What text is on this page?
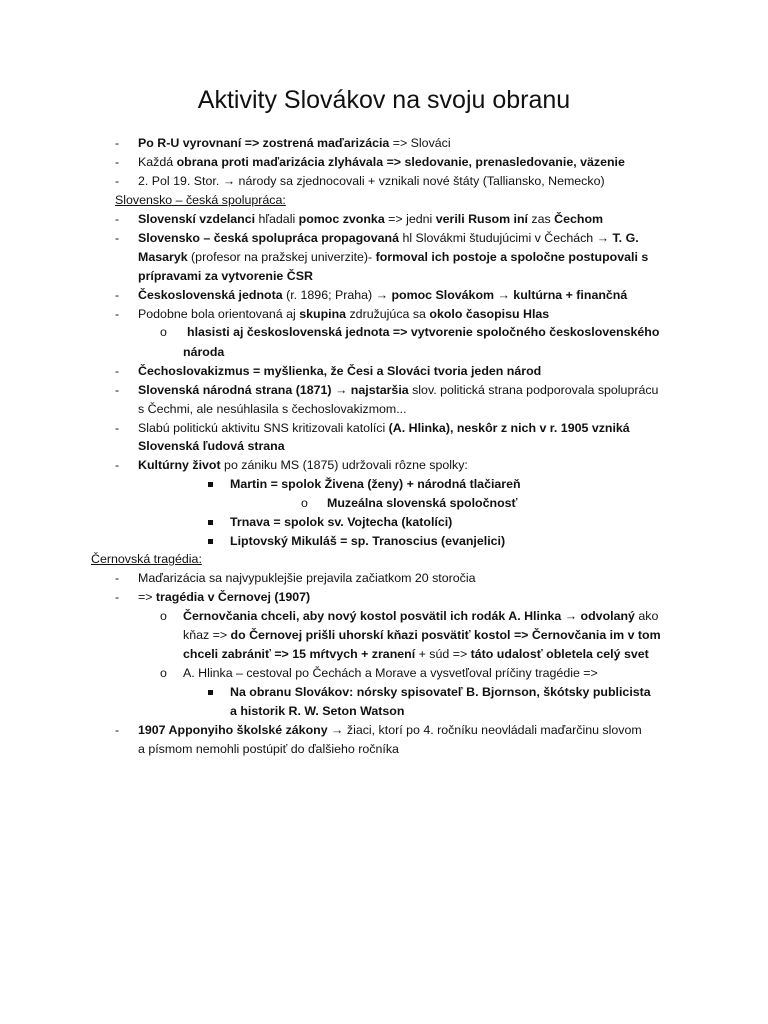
Aktivity Slovákov na svoju obranu
-
-
-
-
-
-
-
o
-
-
-
-
o
-
-
o
o
-
Po R-U vyrovnaní => zostrená maďarizácia => Slováci
Každá obrana proti maďarizácia zlyhávala => sledovanie, prenasledovanie, väzenie
2. Pol 19. Stor. → národy sa zjednocovali + vznikali nové štáty (Talliansko, Nemecko)
Slovensko – česká spolupráca:
Slovenskí vzdelanci hľadali pomoc zvonka => jedni verili Rusom iní zas Čechom
Slovensko – česká spolupráca propagovaná hl Slovákmi študujúcimi v Čechách → T. G.
Masaryk (profesor na pražskej univerzite)- formoval ich postoje a spoločne postupovali s
prípravami za vytvorenie ČSR
Československá jednota (r. 1896; Praha) → pomoc Slovákom → kultúrna + finančná
Podobne bola orientovaná aj skupina združujúca sa okolo časopisu Hlas
hlasisti aj československá jednota => vytvorenie spoločného československého
národa
Čechoslovakizmus = myšlienka, že Česi a Slováci tvoria jeden národ
Slovenská národná strana (1871) → najstaršia slov. politická strana podporovala spoluprácu
s Čechmi, ale nesúhlasila s čechoslovakizmom...
Slabú politickú aktivitu SNS kritizovali katolíci (A. Hlinka), neskôr z nich v r. 1905 vzniká
Slovenská ľudová strana
Kultúrny život po zániku MS (1875) udržovali rôzne spolky:
Martin = spolok Živena (ženy) + národná tlačiareň
Muzeálna slovenská spoločnosť
Trnava = spolok sv. Vojtecha (katolíci)
Liptovský Mikuláš = sp. Tranoscius (evanjelici)
Černovská tragédia:
Maďarizácia sa najvypuklejšie prejavila začiatkom 20 storočia
=> tragédia v Černovej (1907)
Černovčania chceli, aby nový kostol posvätil ich rodák A. Hlinka → odvolaný ako
kňaz => do Černovej prišli uhorskí kňazi posvätiť kostol => Černovčania im v tom
chceli zabrániť => 15 mŕtvych + zranení + súd => táto udalosť obletela celý svet
A. Hlinka – cestoval po Čechách a Morave a vysvetľoval príčiny tragédie =>
Na obranu Slovákov: nórsky spisovateľ B. Bjornson, škótsky publicista
a historik R. W. Seton Watson
1907 Apponyiho školské zákony → žiaci, ktorí po 4. ročníku neovládali maďarčinu slovom
a písmom nemohli postúpiť do ďalšieho ročníka
